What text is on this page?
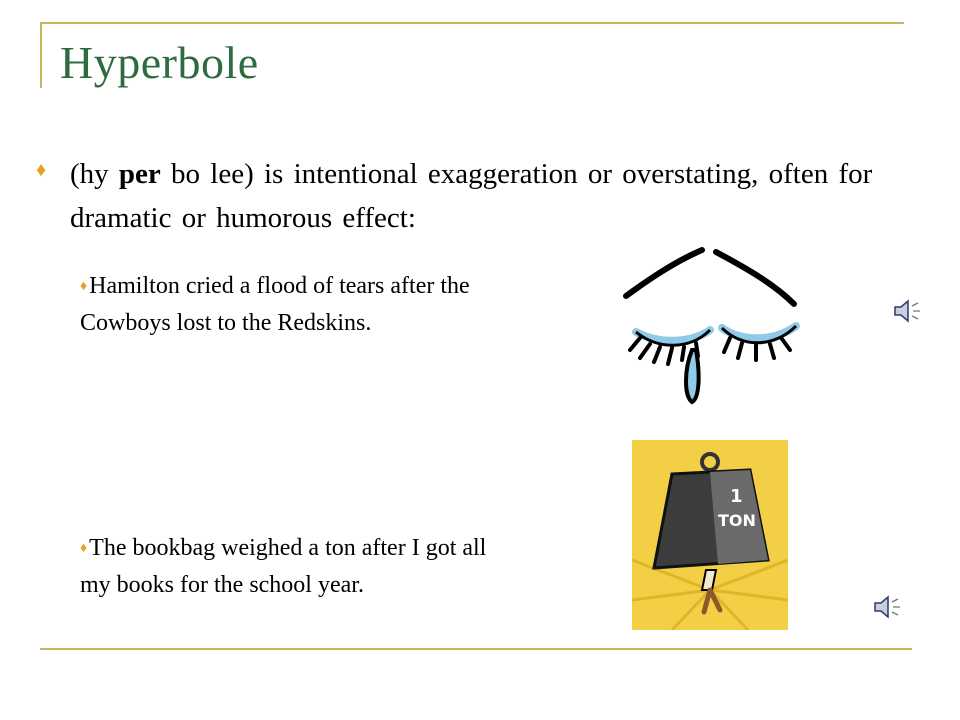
Hyperbole
♦ (hy per bo lee) is intentional exaggeration or overstating, often for dramatic or humorous effect:
♦Hamilton cried a flood of tears after the Cowboys lost to the Redskins.
♦The bookbag weighed a ton after I got all my books for the school year.
1
TON
